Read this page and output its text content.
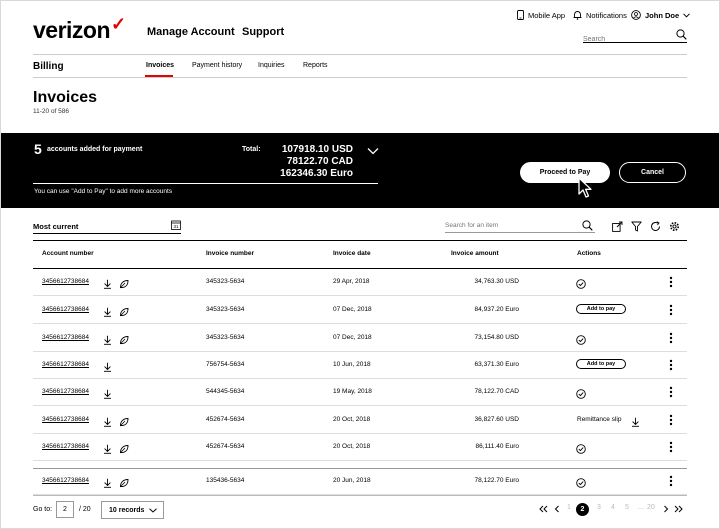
verizon✓ Manage Account Support
Mobile App	Notifications John Doe
Search
Billing	Invoices	Payment history Inquiries	Reports
Invoices
11-20 of 586
5 accounts added for payment	Total: 107918.10 USD
78122.70 CAD
162346.30 Euro
You can use "Add to Pay" to add more accounts
Proceed to Pay	Cancel
Most current	31
Search for an item
Account number	Invoice number	Invoice date	Invoice amount	Actions
3456612738684	345323-5634	29 Apr, 2018	34,763.30 USD
3456612738684	345323-5634	07 Dec, 2018	84,937.20 Euro	Add to pay
3456612738684	345323-5634	07 Dec, 2018	73,154.80 USD
3456612738684	756754-5634	10 Jun, 2018	63,371.30 Euro	Add to pay
3456612738684	544345-5634	19 May, 2018	78,122.70 CAD
3456612738684	452674-5634	20 Oct, 2018	36,827.60 USD	Remittance slip
3456612738684	452674-5634	20 Oct, 2018	86,111.40 Euro
3456612738684	135436-5634	20 Jun, 2018	78,122.70 Euro
Go to:	2	/ 20	10 records	1	2	3 4 5 ... 20
